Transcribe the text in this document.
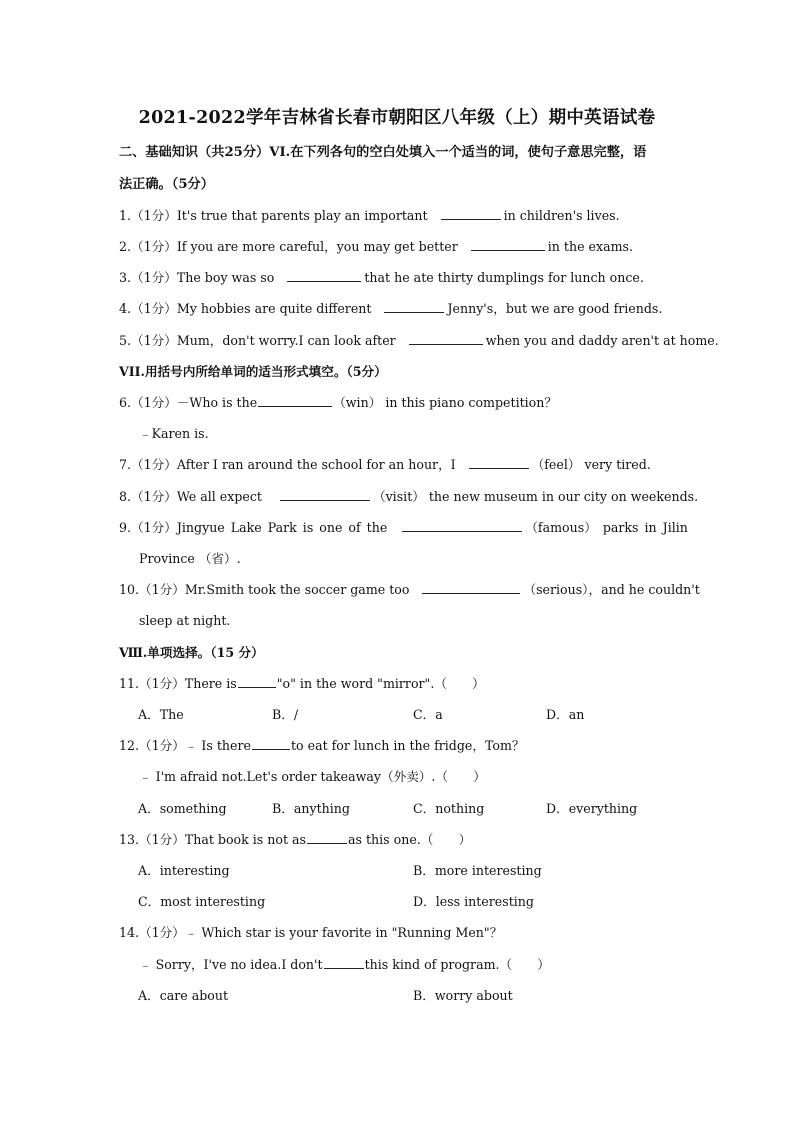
2021-2022学年吉林省长春市朝阳区八年级（上）期中英语试卷
二、基础知识（共25分）VI.在下列各句的空白处填入一个适当的词，使句子意思完整，语
法正确。（5分）
1.（1分）It's true that parents play an important	in children's lives.
2.（1分）If you are more careful，you may get better	in the exams.
3.（1分）The boy was so	that he ate thirty dumplings for lunch once.
4.（1分）My hobbies are quite different	Jenny's，but we are good friends.
5.（1分）Mum，don't worry.I can look after	when you and daddy aren't at home.
VII.用括号内所给单词的适当形式填空。（5分）
6.（1分）－Who is the	（win） in this piano competition？
﹣Karen is.
7.（1分）After I ran around the school for an hour，I	（feel） very tired.
8.（1分）We all expect	（visit） the new museum in our city on weekends.
9.（1分）Jingyue Lake Park is one of the	（famous） parks in Jilin
Province （省）.
10.（1分）Mr.Smith took the soccer game too	（serious），and he couldn't
sleep at night.
Ⅷ.单项选择。（15 分）
11.（1分）There is	"o" in the word "mirror".（　　）
A．The	B．/	C．a	D．an
12.（1分）﹣ Is there	to eat for lunch in the fridge，Tom？
﹣ I'm afraid not.Let's order takeaway（外卖）.（　　）
A．something	B．anything	C．nothing	D．everything
13.（1分）That book is not as	as this one.（　　）
A．interesting	B．more interesting
C．most interesting	D．less interesting
14.（1分）﹣ Which star is your favorite in "Running Men"？
﹣ Sorry，I've no idea.I don't	this kind of program.（　　）
A．care about	B．worry about
